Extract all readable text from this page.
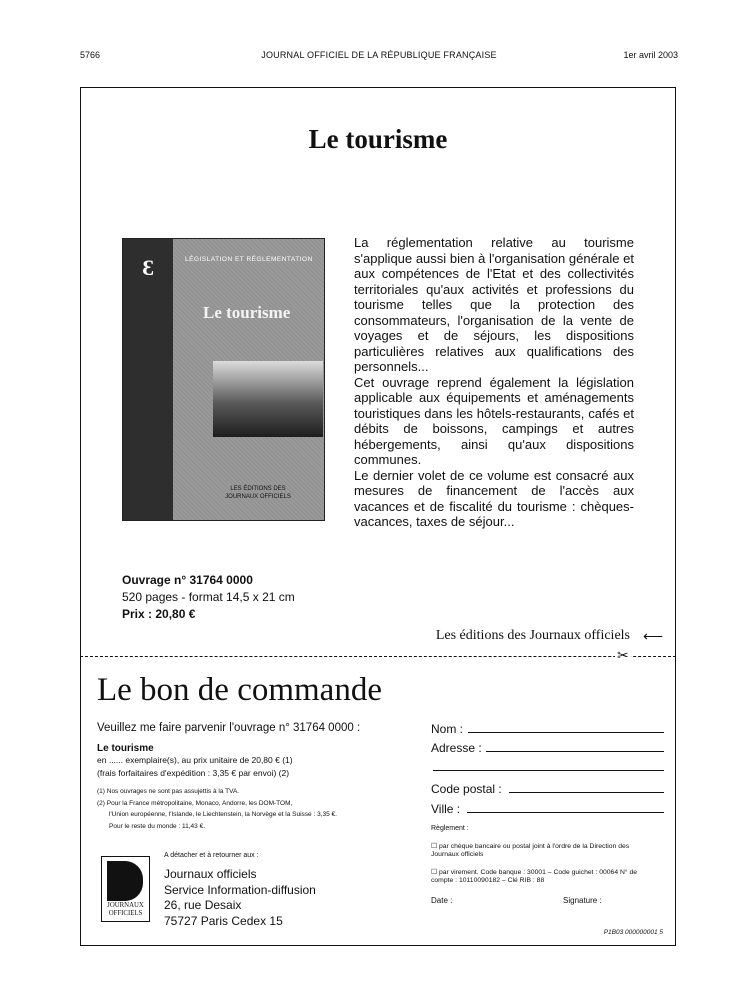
5766	JOURNAL OFFICIEL DE LA RÉPUBLIQUE FRANÇAISE	1er avril 2003
Le tourisme
Ɛ	LÉGISLATION ET RÉGLEMENTATION
Le tourisme
LES ÉDITIONS DES JOURNAUX OFFICIELS

La réglementation relative au tourisme s'applique aussi bien à l'organisation générale et aux compétences de l'Etat et des collectivités territoriales qu'aux activités et professions du tourisme telles que la protection des consommateurs, l'organisation de la vente de voyages et de séjours, les dispositions particulières relatives aux qualifications des personnels...

Cet ouvrage reprend également la législation applicable aux équipements et aménagements touristiques dans les hôtels-restaurants, cafés et débits de boissons, campings et autres hébergements, ainsi qu'aux dispositions communes.

Le dernier volet de ce volume est consacré aux mesures de financement de l'accès aux vacances et de fiscalité du tourisme : chèques-vacances, taxes de séjour...

Ouvrage n° 31764 0000
520 pages - format 14,5 x 21 cm
Prix : 20,80 €
Les éditions des Journaux officiels ⟵
✂
Le bon de commande
Veuillez me faire parvenir l'ouvrage n° 31764 0000 :
Le tourisme
en ...... exemplaire(s), au prix unitaire de 20,80 € (1)
(frais forfaitaires d'expédition : 3,35 € par envoi) (2)
(1) Nos ouvrages ne sont pas assujettis à la TVA.
(2) Pour la France métropolitaine, Monaco, Andorre, les DOM-TOM,
l'Union européenne, l'Islande, le Liechtenstein, la Norvège et la Suisse : 3,35 €.
Pour le reste du monde : 11,43 €.
A détacher et à retourner aux :
JOURNAUX
OFFICIELS
Journaux officiels
Service Information-diffusion
26, rue Desaix
75727 Paris Cedex 15
Nom :
Adresse :
Code postal :
Ville :
Règlement :
☐ par chèque bancaire ou postal joint à l'ordre de la Direction des Journaux officiels
☐ par virement. Code banque : 30001 – Code guichet : 00064 N° de compte : 10110090182 – Clé RIB : 88
Date :	Signature :
P1B03 000000001 5
